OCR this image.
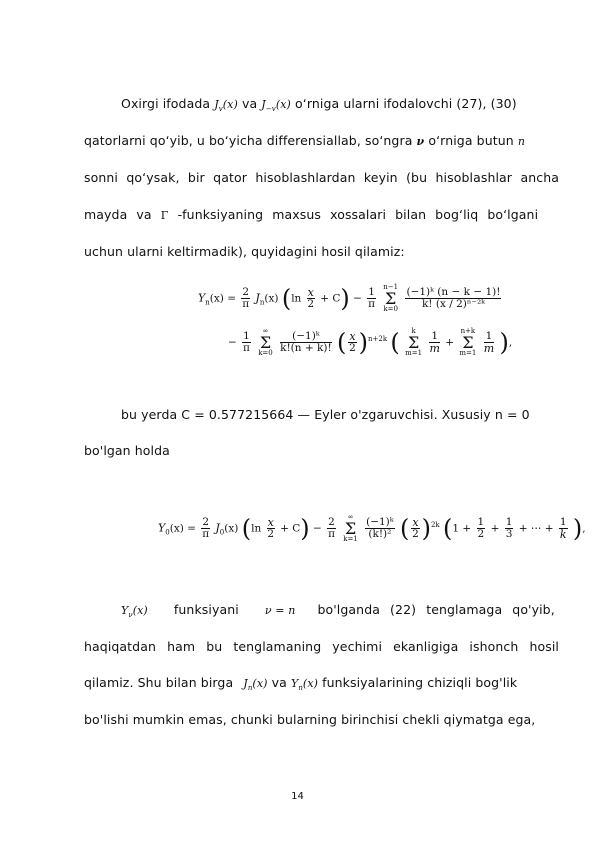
Oxirgi ifodada $J_v(x)$ va $J_{-v}(x)$ o‘rniga ularni ifodalovchi (27), (30)
qatorlarni qo‘yib, u bo‘yicha differensiallab, so‘ngra ν o‘rniga butun n
sonni qo‘ysak, bir qator hisoblashlardan keyin (bu hisoblashlar ancha
mayda va Γ -funksiyaning maxsus xossalari bilan bog‘liq bo‘lgani
uchun ularni keltirmadik), quyidagini hosil qilamiz:
$Y_n(x) = \frac{2}{\pi} J_n(x)$ $(\ln \frac{x}{2} + C) - \frac{1}{\pi}$
n−1
Σ
k=0
$\frac{\text{(−1)ᵏ (n − k − 1)!}}{\text{k! (x / 2)ⁿ⁻²ᵏ}}$
− $\frac{1}{\pi}$
	∞
Σ
k=0
$\frac{\text{(−1)ᵏ}}{k!(n + k)!}$ ( $\frac{x}{2} )^{n+2k}$ (	k
Σ
m=1
$\frac{1}{m}$ +
n+k
Σ
m=1
$\frac{1}{m}$ ),
bu yerda C = 0.577215664 — Eyler o'zgaruvchisi. Xususiy n = 0
bo'lgan holda
$Y_0(x) = \frac{2}{\pi} J_0(x)$ $(\ln \frac{x}{2} + C) - \frac{2}{\pi}$
	∞
Σ
k=1
$\frac{\text{(−1)ᵏ}}{\text{(k!)²}}$ ( $\frac{x}{2} )^{2k}$ ($1 + \frac{1}{2} + \frac{1}{3}$ + ⋯ + $\frac{1}{k}$ ),
$Y_\nu(x)$ funksiyani ν = n bo'lganda (22) tenglamaga qo'yib,
haqiqatdan ham bu tenglamaning yechimi ekanligiga ishonch hosil
qilamiz. Shu bilan birga $J_n(x)$ va $Y_n(x)$ funksiyalarining chiziqli bog'lik
bo'lishi mumkin emas, chunki bularning birinchisi chekli qiymatga ega,
14
